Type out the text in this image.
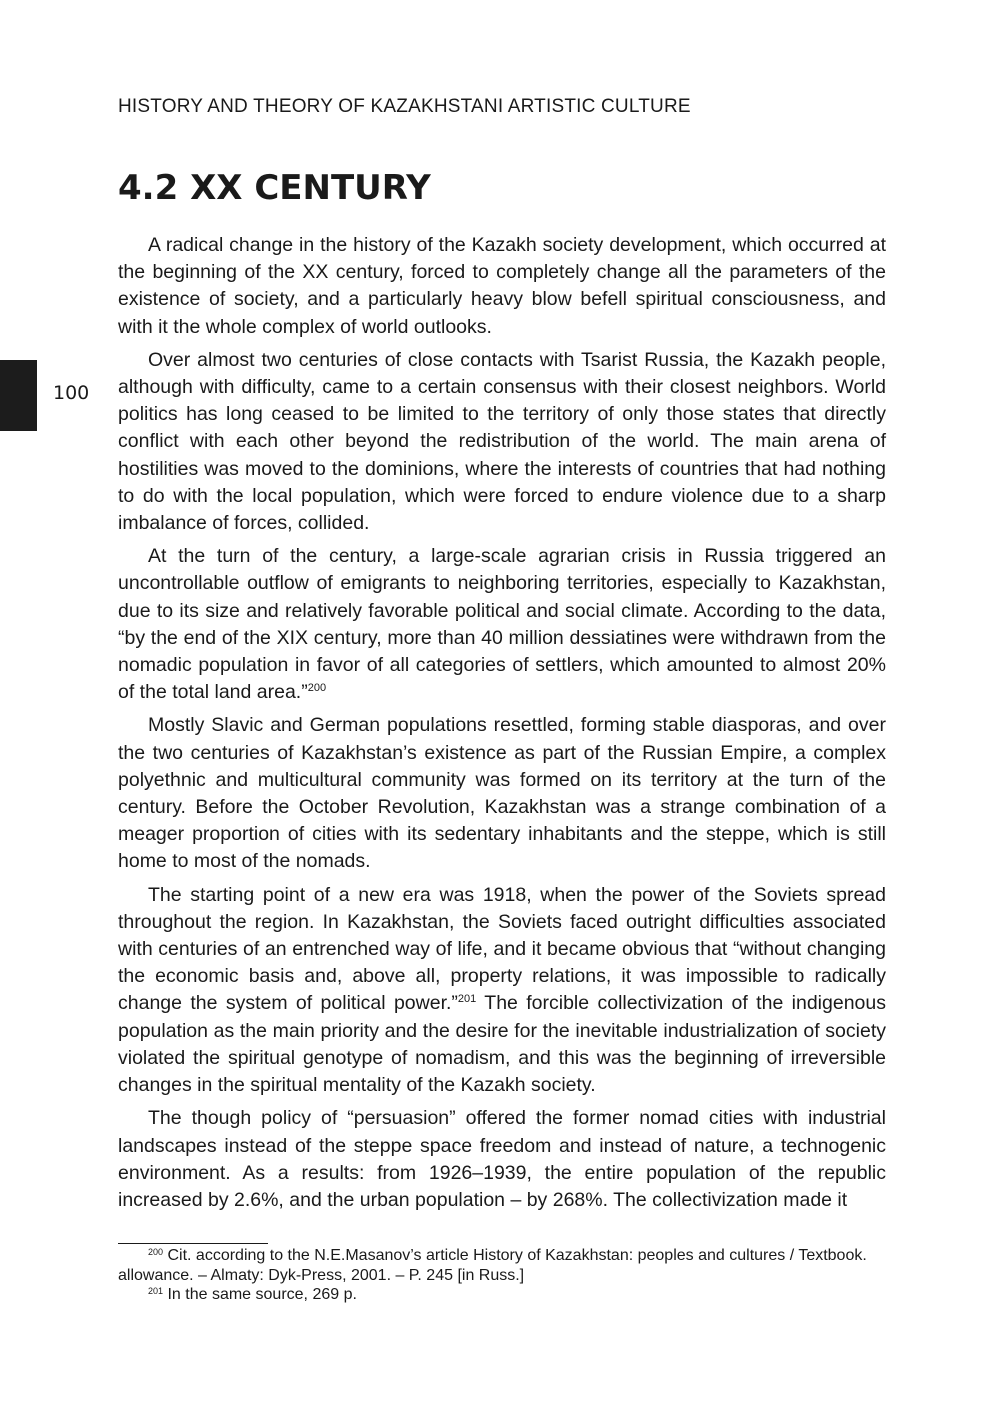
HISTORY AND THEORY OF KAZAKHSTANI ARTISTIC CULTURE
4.2 XX CENTURY
100

A radical change in the history of the Kazakh society development, which occurred at the beginning of the XX century, forced to completely change all the parameters of the existence of society, and a particularly heavy blow befell spiritual consciousness, and with it the whole complex of world outlooks.

Over almost two centuries of close contacts with Tsarist Russia, the Kazakh people, although with difficulty, came to a certain consensus with their closest neighbors. World politics has long ceased to be limited to the territory of only those states that directly conflict with each other beyond the redistribution of the world. The main arena of hostilities was moved to the dominions, where the interests of countries that had nothing to do with the local population, which were forced to endure violence due to a sharp imbalance of forces, collided.

At the turn of the century, a large-scale agrarian crisis in Russia triggered an uncontrollable outflow of emigrants to neighboring territories, especially to Kazakhstan, due to its size and relatively favorable political and social climate. According to the data, “by the end of the XIX century, more than 40 million dessiatines were withdrawn from the nomadic population in favor of all categories of settlers, which amounted to almost 20% of the total land area.”$^{200}$

Mostly Slavic and German populations resettled, forming stable diasporas, and over the two centuries of Kazakhstan’s existence as part of the Russian Empire, a complex polyethnic and multicultural community was formed on its territory at the turn of the century. Before the October Revolution, Kazakhstan was a strange combination of a meager proportion of cities with its sedentary inhabitants and the steppe, which is still home to most of the nomads.

The starting point of a new era was 1918, when the power of the Soviets spread throughout the region. In Kazakhstan, the Soviets faced outright difficulties associated with centuries of an entrenched way of life, and it became obvious that “without changing the economic basis and, above all, property relations, it was impossible to radically change the system of political power.”$^{201}$ The forcible collectivization of the indigenous population as the main priority and the desire for the inevitable industrialization of society violated the spiritual genotype of nomadism, and this was the beginning of irreversible changes in the spiritual mentality of the Kazakh society.

The though policy of “persuasion” offered the former nomad cities with industrial landscapes instead of the steppe space freedom and instead of nature, a technogenic environment. As a results: from 1926–1939, the entire population of the republic increased by 2.6%, and the urban population – by 268%. The collectivization made it

$^{200}$ Cit. according to the N.E.Masanov’s article History of Kazakhstan: peoples and cultures / Textbook. allowance. – Almaty: Dyk-Press, 2001. – P. 245 [in Russ.]

$^{201}$ In the same source, 269 p.
